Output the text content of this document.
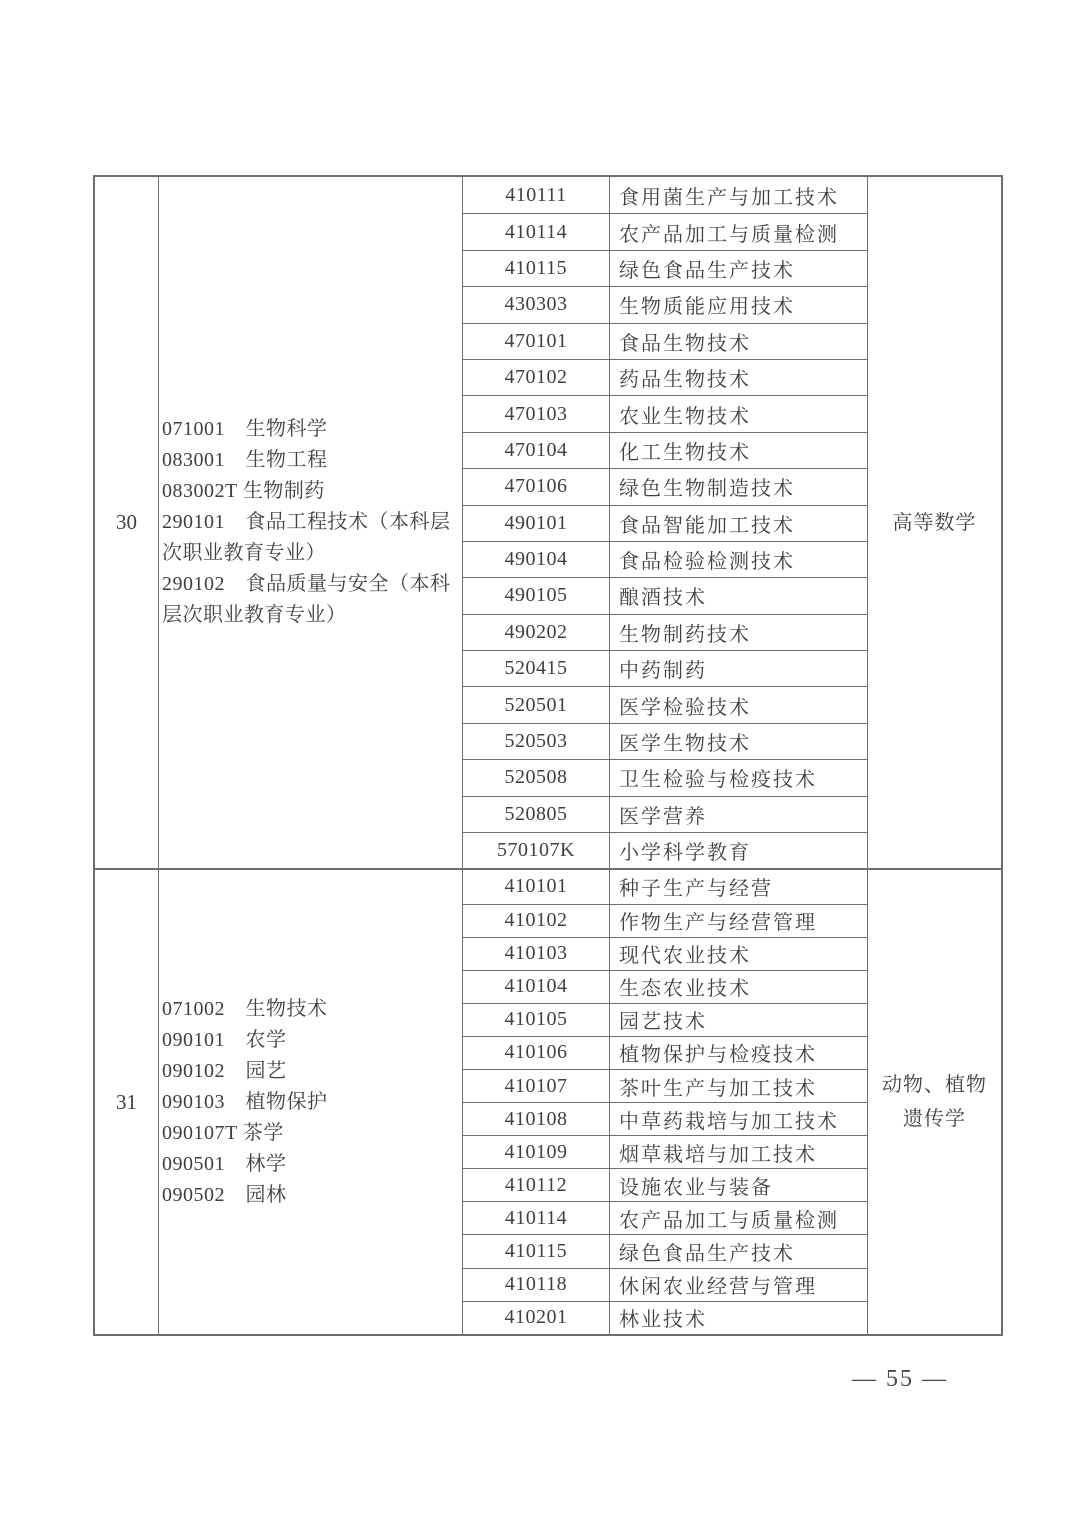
30
071001　生物科学
083001　生物工程
083002T 生物制药
290101　食品工程技术（本科层次职业教育专业）
290102　食品质量与安全（本科层次职业教育专业）
410111	食用菌生产与加工技术
410114	农产品加工与质量检测
410115	绿色食品生产技术
430303	生物质能应用技术
470101	食品生物技术
470102	药品生物技术
470103	农业生物技术
470104	化工生物技术
470106	绿色生物制造技术
490101	食品智能加工技术
490104	食品检验检测技术
490105	酿酒技术
490202	生物制药技术
520415	中药制药
520501	医学检验技术
520503	医学生物技术
520508	卫生检验与检疫技术
520805	医学营养
570107K	小学科学教育
高等数学
31
071002　生物技术
090101　农学
090102　园艺
090103　植物保护
090107T 茶学
090501　林学
090502　园林
410101	种子生产与经营
410102	作物生产与经营管理
410103	现代农业技术
410104	生态农业技术
410105	园艺技术
410106	植物保护与检疫技术
410107	茶叶生产与加工技术
410108	中草药栽培与加工技术
410109	烟草栽培与加工技术
410112	设施农业与装备
410114	农产品加工与质量检测
410115	绿色食品生产技术
410118	休闲农业经营与管理
410201	林业技术
动物、植物遗传学
— 55 —
